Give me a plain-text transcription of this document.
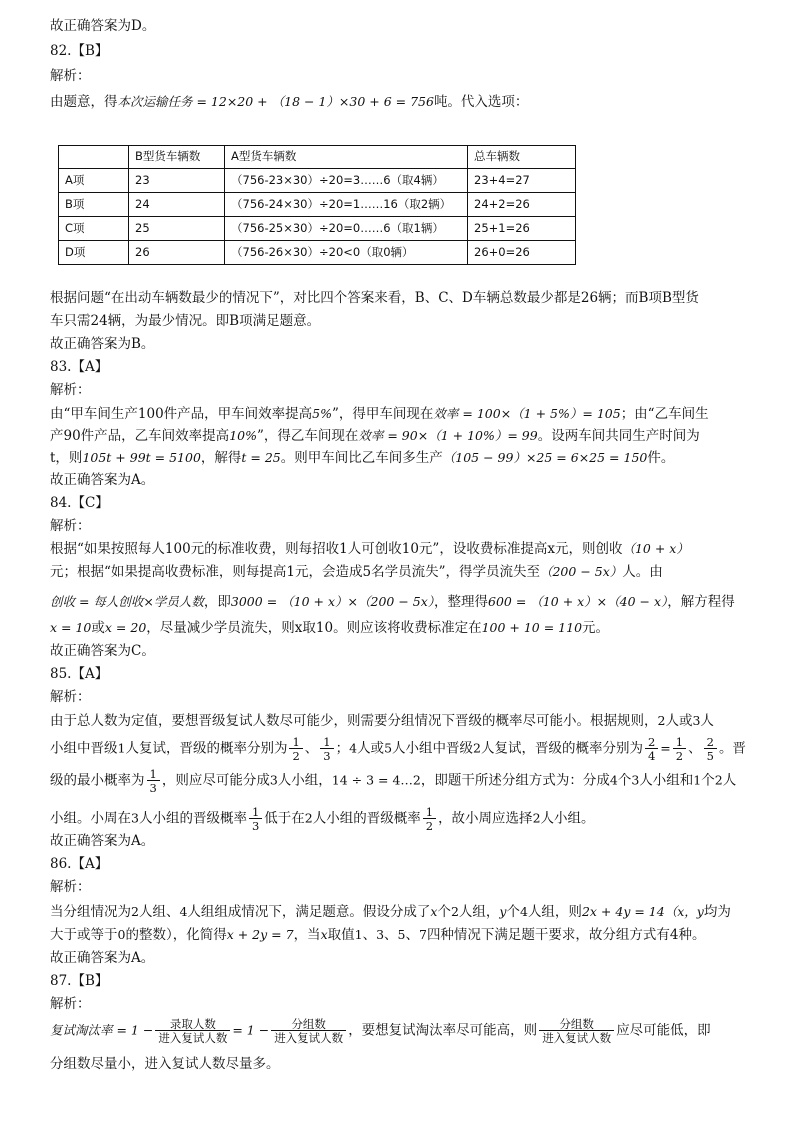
故正确答案为D。
82.【B】
解析：
由题意，得本次运输任务 = 12×20 + （18 − 1）×30 + 6 = 756吨。代入选项：
	B型货车辆数	A型货车辆数	总车辆数
A项	23	（756-23×30）÷20=3……6（取4辆）	23+4=27
B项	24	（756-24×30）÷20=1……16（取2辆）	24+2=26
C项	25	（756-25×30）÷20=0……6（取1辆）	25+1=26
D项	26	（756-26×30）÷20<0（取0辆）	26+0=26
根据问题“在出动车辆数最少的情况下”，对比四个答案来看，B、C、D车辆总数最少都是26辆；而B项B型货
车只需24辆，为最少情况。即B项满足题意。
故正确答案为B。
83.【A】
解析：
由“甲车间生产100件产品，甲车间效率提高5%”，得甲车间现在效率 = 100×（1 + 5%）= 105；由“乙车间生
产90件产品，乙车间效率提高10%”，得乙车间现在效率 = 90×（1 + 10%）= 99。设两车间共同生产时间为
t，则105t + 99t = 5100，解得t = 25。则甲车间比乙车间多生产（105 − 99）×25 = 6×25 = 150件。
故正确答案为A。
84.【C】
解析：
根据“如果按照每人100元的标准收费，则每招收1人可创收10元”，设收费标准提高x元，则创收（10 + x）
元；根据“如果提高收费标准，则每提高1元，会造成5名学员流失”，得学员流失至（200 − 5x）人。由
创收 = 每人创收×学员人数，即3000 = （10 + x）×（200 − 5x），整理得600 = （10 + x）×（40 − x），解方程得
x = 10或x = 20，尽量减少学员流失，则x取10。则应该将收费标准定在100 + 10 = 110元。
故正确答案为C。
85.【A】
解析：
由于总人数为定值，要想晋级复试人数尽可能少，则需要分组情况下晋级的概率尽可能小。根据规则，2人或3人
小组中晋级1人复试，晋级的概率分别为 $\frac{1}{2}$ 、 $\frac{1}{3}$ ；4人或5人小组中晋级2人复试，晋级的概率分别为 $\frac{2}{4} = \frac{1}{2}$ 、 $\frac{2}{5}$ 。晋
级的最小概率为 $\frac{1}{3}$ ，则应尽可能分成3人小组，14 ÷ 3 = 4…2，即题干所述分组方式为：分成4个3人小组和1个2人
小组。小周在3人小组的晋级概率 $\frac{1}{3}$ 低于在2人小组的晋级概率 $\frac{1}{2}$ ，故小周应选择2人小组。
故正确答案为A。
86.【A】
解析：
当分组情况为2人组、4人组组成情况下，满足题意。假设分成了x个2人组，y个4人组，则2x + 4y = 14（x，y均为
大于或等于0的整数），化简得x + 2y = 7，当x取值1、3、5、7四种情况下满足题干要求，故分组方式有4种。
故正确答案为A。
87.【B】
解析：
复试淘汰率 = $1 - \frac{\text{录取人数}}{\text{进入复试人数}} = 1 - \frac{\text{分组数}}{\text{进入复试人数}}$ ，要想复试淘汰率尽可能高，则 $\frac{\text{分组数}}{\text{进入复试人数}}$ 应尽可能低，即
分组数尽量小，进入复试人数尽量多。
